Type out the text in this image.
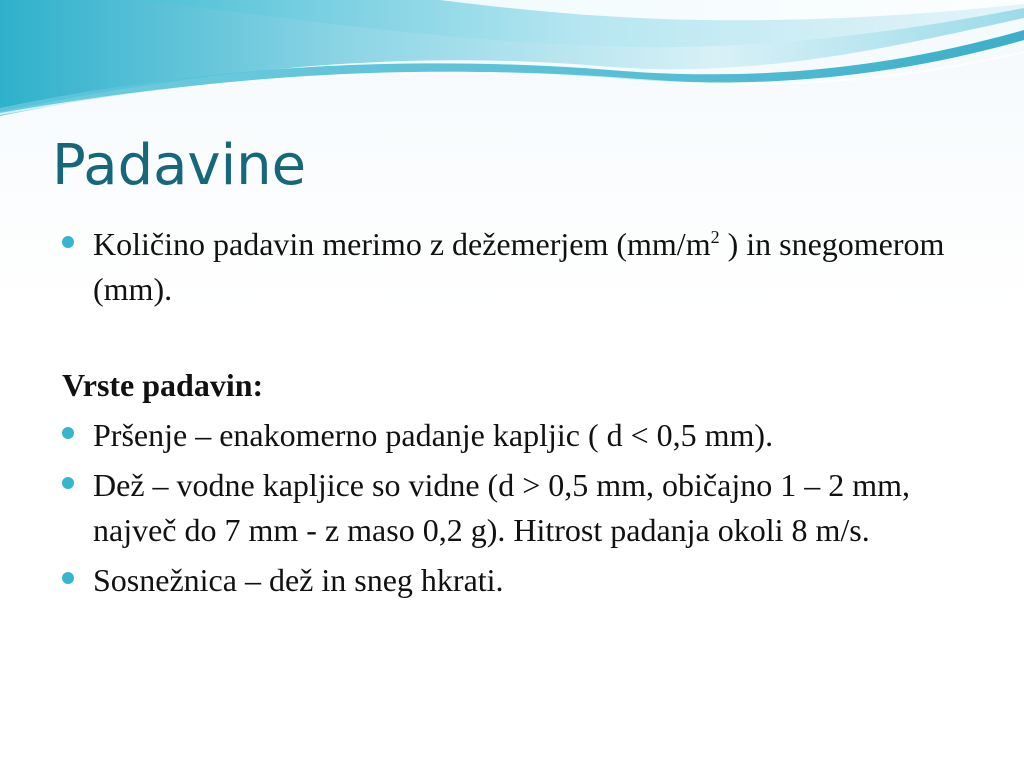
Padavine
Količino padavin merimo z dežemerjem ($mm/m^2$ ) in snegomerom (mm).
Vrste padavin:
Pršenje – enakomerno padanje kapljic ( d < 0,5 mm).
Dež – vodne kapljice so vidne (d > 0,5 mm, običajno 1 – 2 mm, največ do 7 mm - z maso 0,2 g). Hitrost padanja okoli 8 m/s.
Sosnežnica – dež in sneg hkrati.
